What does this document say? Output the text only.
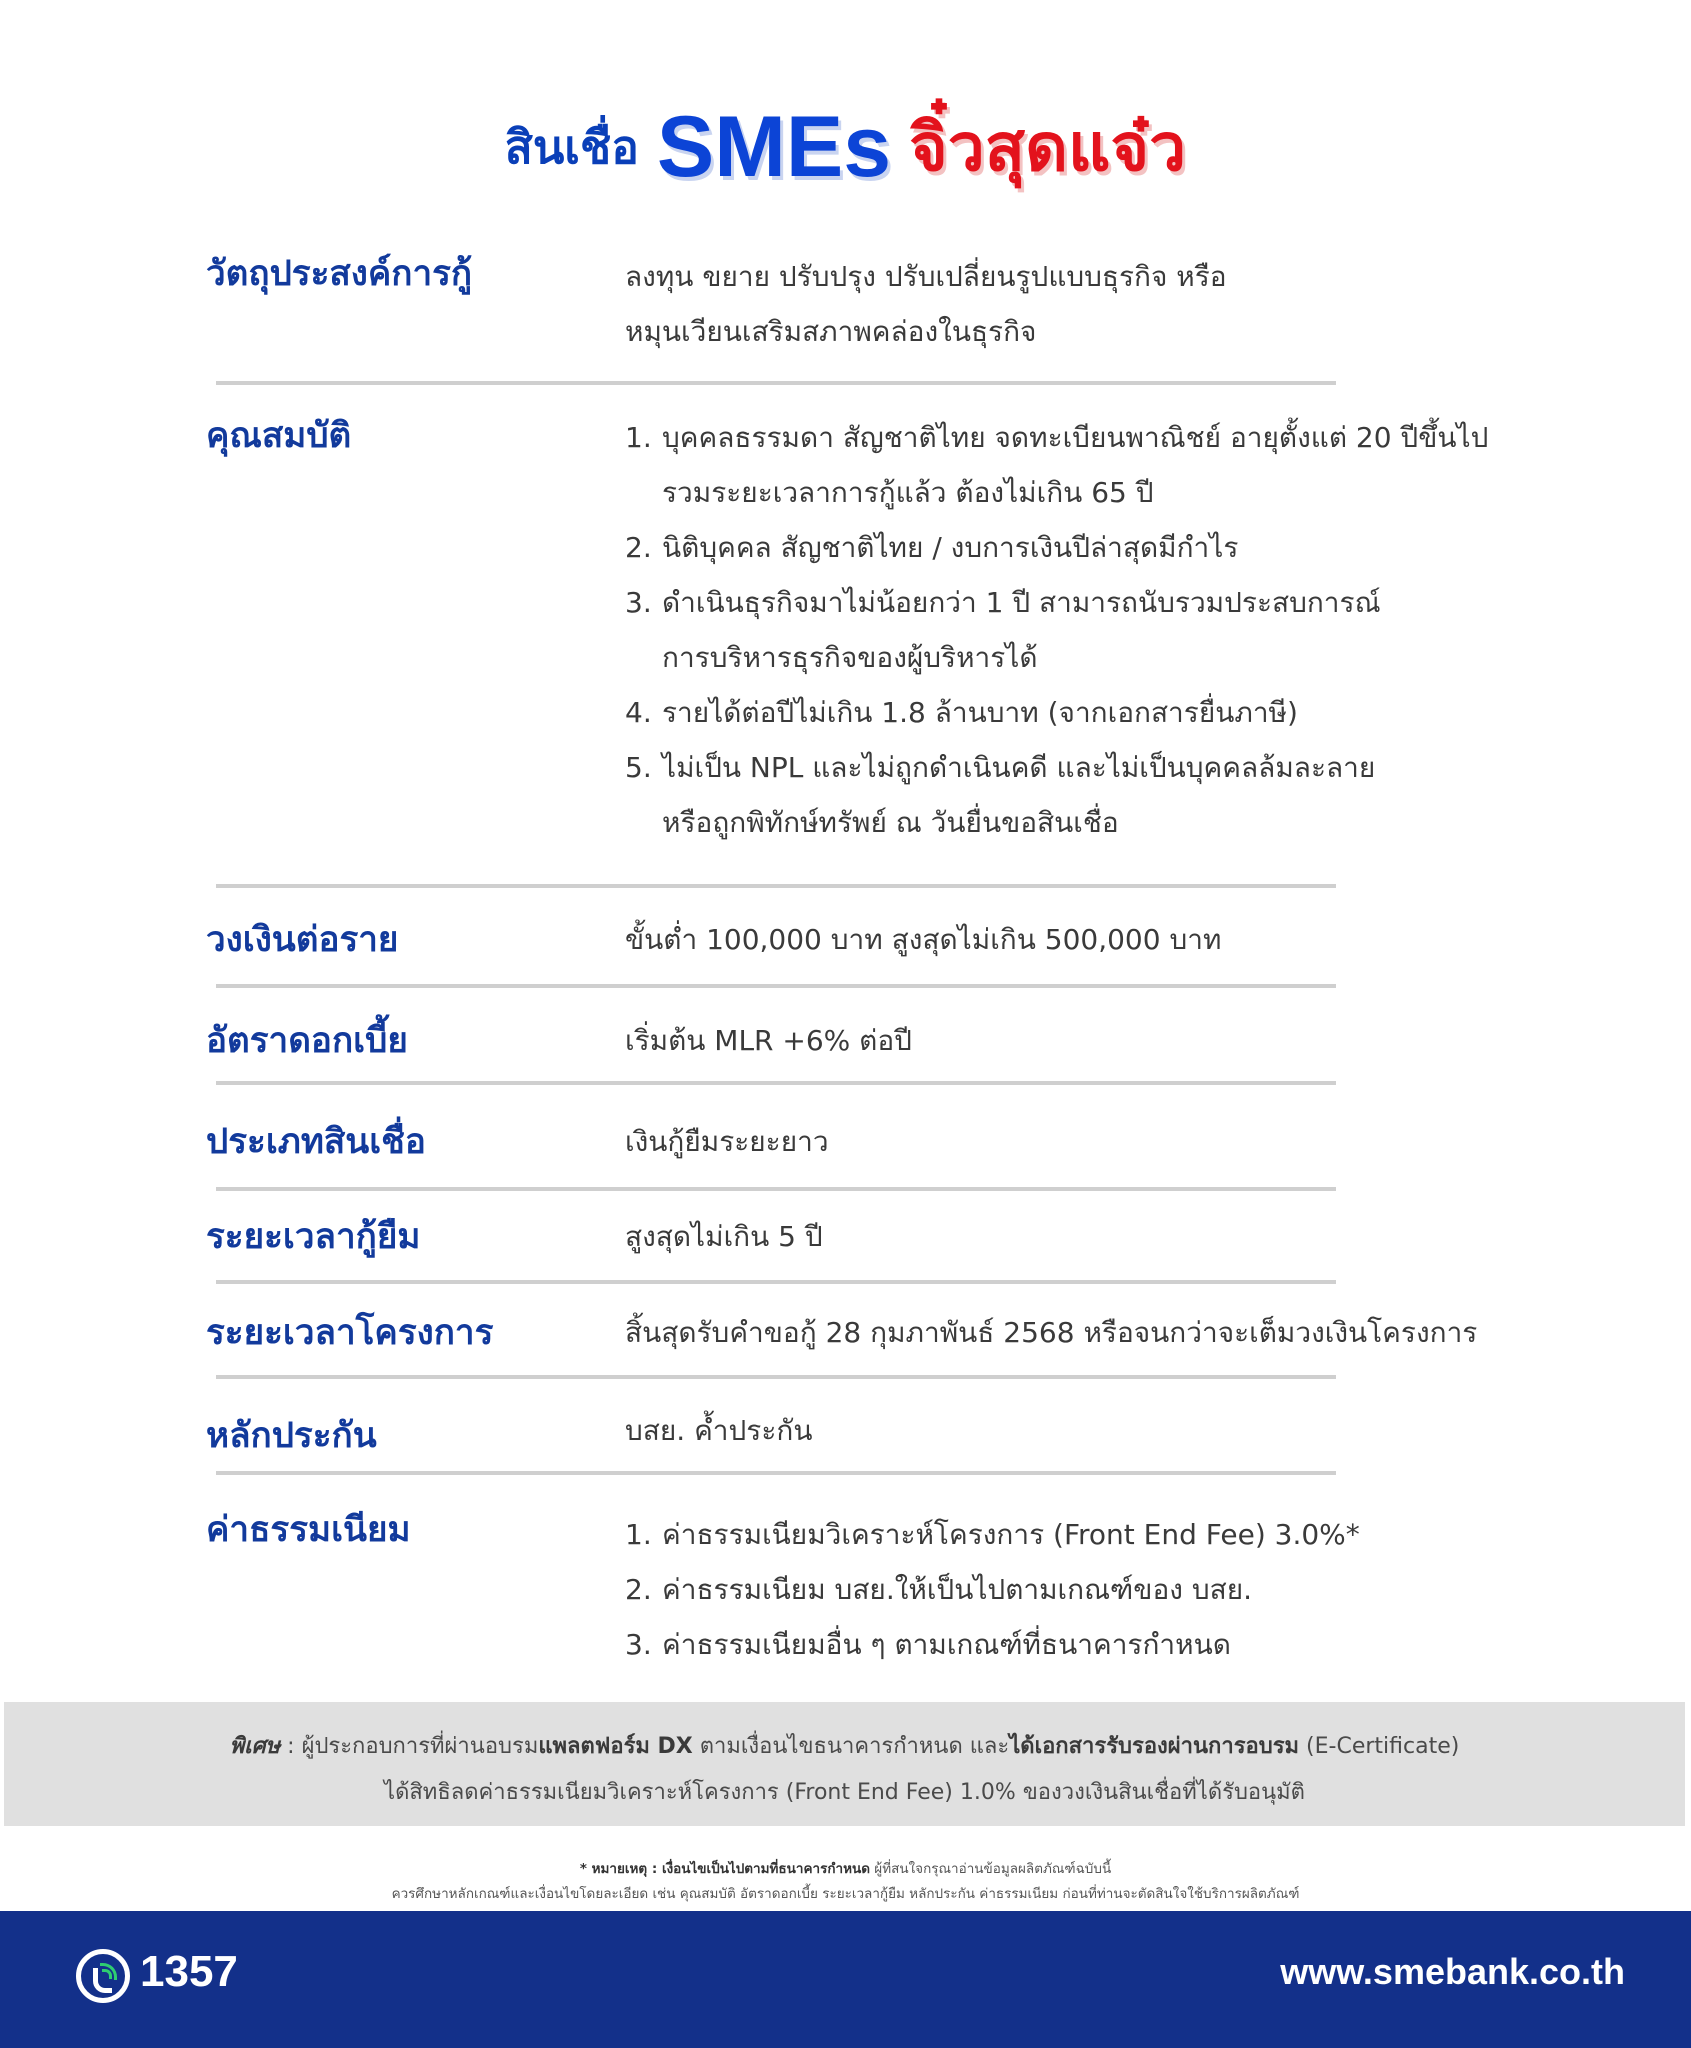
สินเชื่อ SMEs จิ๋วสุดแจ๋ว
วัตถุประสงค์การกู้	ลงทุน ขยาย ปรับปรุง ปรับเปลี่ยนรูปแบบธุรกิจ หรือ
หมุนเวียนเสริมสภาพคล่องในธุรกิจ
คุณสมบัติ	1. บุคคลธรรมดา สัญชาติไทย จดทะเบียนพาณิชย์ อายุตั้งแต่ 20 ปีขึ้นไป
รวมระยะเวลาการกู้แล้ว ต้องไม่เกิน 65 ปี
2. นิติบุคคล สัญชาติไทย / งบการเงินปีล่าสุดมีกำไร
3. ดำเนินธุรกิจมาไม่น้อยกว่า 1 ปี สามารถนับรวมประสบการณ์
การบริหารธุรกิจของผู้บริหารได้
4. รายได้ต่อปีไม่เกิน 1.8 ล้านบาท (จากเอกสารยื่นภาษี)
5. ไม่เป็น NPL และไม่ถูกดำเนินคดี และไม่เป็นบุคคลล้มละลาย
หรือถูกพิทักษ์ทรัพย์ ณ วันยื่นขอสินเชื่อ
วงเงินต่อราย	ขั้นต่ำ 100,000 บาท สูงสุดไม่เกิน 500,000 บาท
อัตราดอกเบี้ย	เริ่มต้น MLR +6% ต่อปี
ประเภทสินเชื่อ	เงินกู้ยืมระยะยาว
ระยะเวลากู้ยืม	สูงสุดไม่เกิน 5 ปี
ระยะเวลาโครงการ	สิ้นสุดรับคำขอกู้ 28 กุมภาพันธ์ 2568 หรือจนกว่าจะเต็มวงเงินโครงการ
หลักประกัน	บสย. ค้ำประกัน
ค่าธรรมเนียม	1. ค่าธรรมเนียมวิเคราะห์โครงการ (Front End Fee) 3.0%*
2. ค่าธรรมเนียม บสย.ให้เป็นไปตามเกณฑ์ของ บสย.
3. ค่าธรรมเนียมอื่น ๆ ตามเกณฑ์ที่ธนาคารกำหนด
พิเศษ : ผู้ประกอบการที่ผ่านอบรมแพลตฟอร์ม DX ตามเงื่อนไขธนาคารกำหนด และได้เอกสารรับรองผ่านการอบรม (E-Certificate)
ได้สิทธิลดค่าธรรมเนียมวิเคราะห์โครงการ (Front End Fee) 1.0% ของวงเงินสินเชื่อที่ได้รับอนุมัติ
* หมายเหตุ : เงื่อนไขเป็นไปตามที่ธนาคารกำหนด ผู้ที่สนใจกรุณาอ่านข้อมูลผลิตภัณฑ์ฉบับนี้
ควรศึกษาหลักเกณฑ์และเงื่อนไขโดยละเอียด เช่น คุณสมบัติ อัตราดอกเบี้ย ระยะเวลากู้ยืม หลักประกัน ค่าธรรมเนียม ก่อนที่ท่านจะตัดสินใจใช้บริการผลิตภัณฑ์
1357	www.smebank.co.th
